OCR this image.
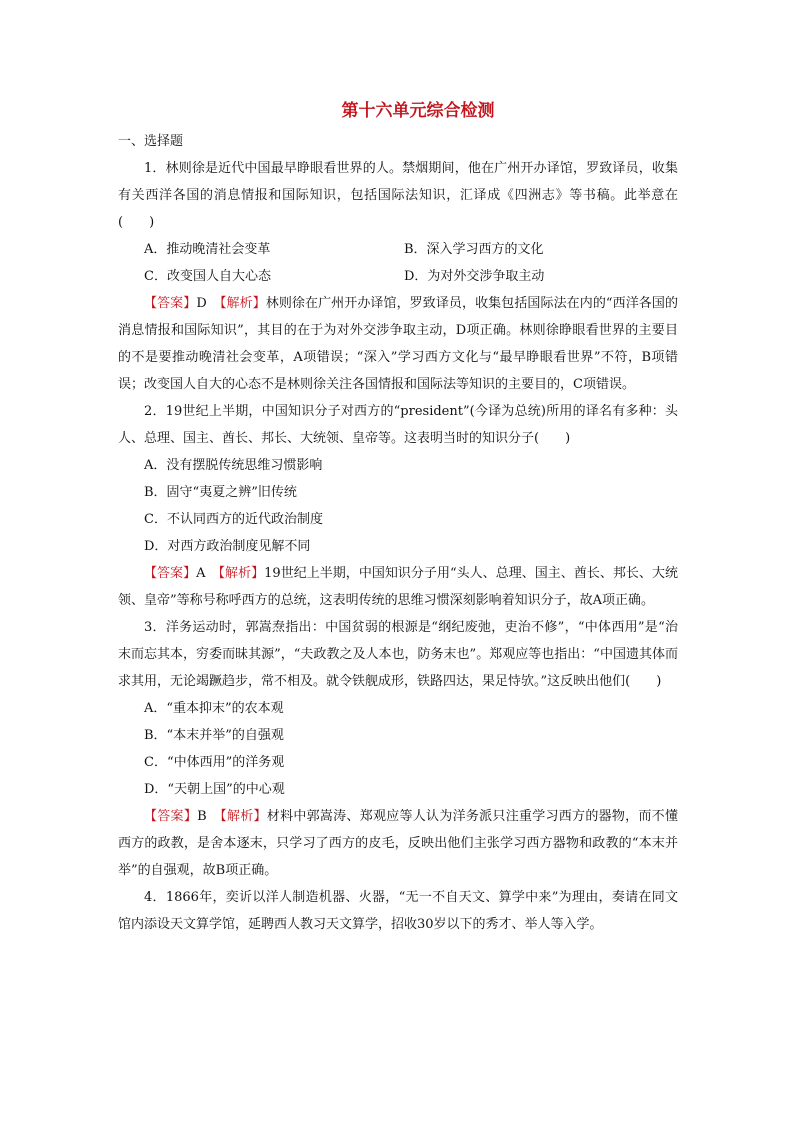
第十六单元综合检测

一、选择题

1．林则徐是近代中国最早睁眼看世界的人。禁烟期间，他在广州开办译馆，罗致译员，收集有关西洋各国的消息情报和国际知识，包括国际法知识，汇译成《四洲志》等书稿。此举意在(　　)

A．推动晚清社会变革	B．深入学习西方的文化
C．改变国人自大心态	D．为对外交涉争取主动

【答案】D　 【解析】林则徐在广州开办译馆，罗致译员，收集包括国际法在内的“西洋各国的消息情报和国际知识”，其目的在于为对外交涉争取主动，D项正确。林则徐睁眼看世界的主要目的不是要推动晚清社会变革，A项错误；“深入”学习西方文化与“最早睁眼看世界”不符，B项错误；改变国人自大的心态不是林则徐关注各国情报和国际法等知识的主要目的，C项错误。

2．19世纪上半期，中国知识分子对西方的“president”(今译为总统)所用的译名有多种：头人、总理、国主、酋长、邦长、大统领、皇帝等。这表明当时的知识分子(　　)

A．没有摆脱传统思维习惯影响

B．固守“夷夏之辨”旧传统

C．不认同西方的近代政治制度

D．对西方政治制度见解不同

【答案】A　 【解析】19世纪上半期，中国知识分子用“头人、总理、国主、酋长、邦长、大统领、皇帝”等称号称呼西方的总统，这表明传统的思维习惯深刻影响着知识分子，故A项正确。

3．洋务运动时，郭嵩焘指出：中国贫弱的根源是“纲纪废弛，吏治不修”，“中体西用”是“治末而忘其本，穷委而昧其源”，“夫政教之及人本也，防务末也”。郑观应等也指出：“中国遗其体而求其用，无论竭蹶趋步，常不相及。就令铁舰成形，铁路四达，果足恃欤。”这反映出他们(　　)

A．“重本抑末”的农本观

B．“本末并举”的自强观

C．“中体西用”的洋务观

D．“天朝上国”的中心观

【答案】B　 【解析】材料中郭嵩涛、郑观应等人认为洋务派只注重学习西方的器物，而不懂西方的政教，是舍本逐末，只学习了西方的皮毛，反映出他们主张学习西方器物和政教的“本末并举”的自强观，故B项正确。

4．1866年，奕䜣以洋人制造机器、火器，“无一不自天文、算学中来”为理由，奏请在同文馆内添设天文算学馆，延聘西人教习天文算学，招收30岁以下的秀才、举人等入学。
